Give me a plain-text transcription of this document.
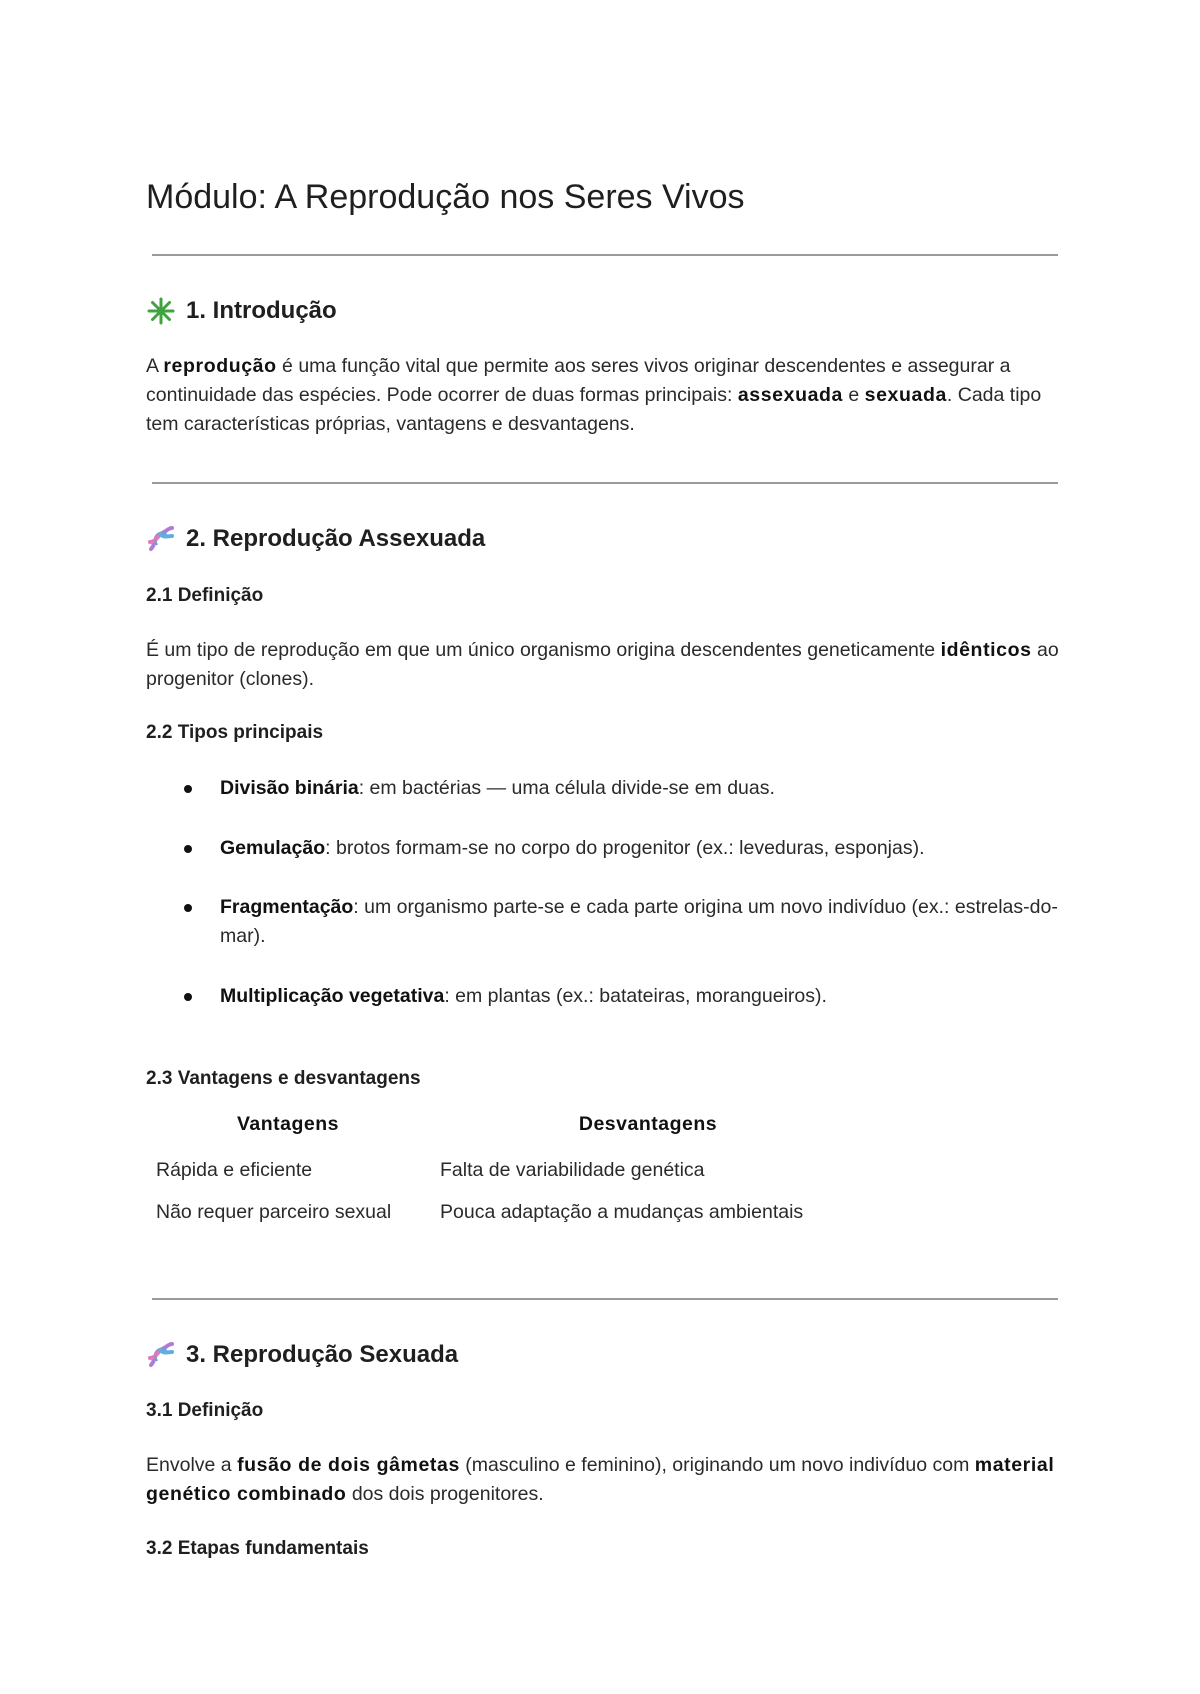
Módulo: A Reprodução nos Seres Vivos
1. Introdução

A reprodução é uma função vital que permite aos seres vivos originar descendentes e assegurar a continuidade das espécies. Pode ocorrer de duas formas principais: assexuada e sexuada. Cada tipo tem características próprias, vantagens e desvantagens.

2. Reprodução Assexuada
2.1 Definição

É um tipo de reprodução em que um único organismo origina descendentes geneticamente idênticos ao progenitor (clones).

2.2 Tipos principais
Divisão binária: em bactérias — uma célula divide-se em duas.
Gemulação: brotos formam-se no corpo do progenitor (ex.: leveduras, esponjas).
Fragmentação: um organismo parte-se e cada parte origina um novo indivíduo (ex.: estrelas-do-mar).
Multiplicação vegetativa: em plantas (ex.: batateiras, morangueiros).
2.3 Vantagens e desvantagens
Vantagens	Desvantagens
Rápida e eficiente	Falta de variabilidade genética
Não requer parceiro sexual	Pouca adaptação a mudanças ambientais
3. Reprodução Sexuada
3.1 Definição

Envolve a fusão de dois gâmetas (masculino e feminino), originando um novo indivíduo com material genético combinado dos dois progenitores.

3.2 Etapas fundamentais
